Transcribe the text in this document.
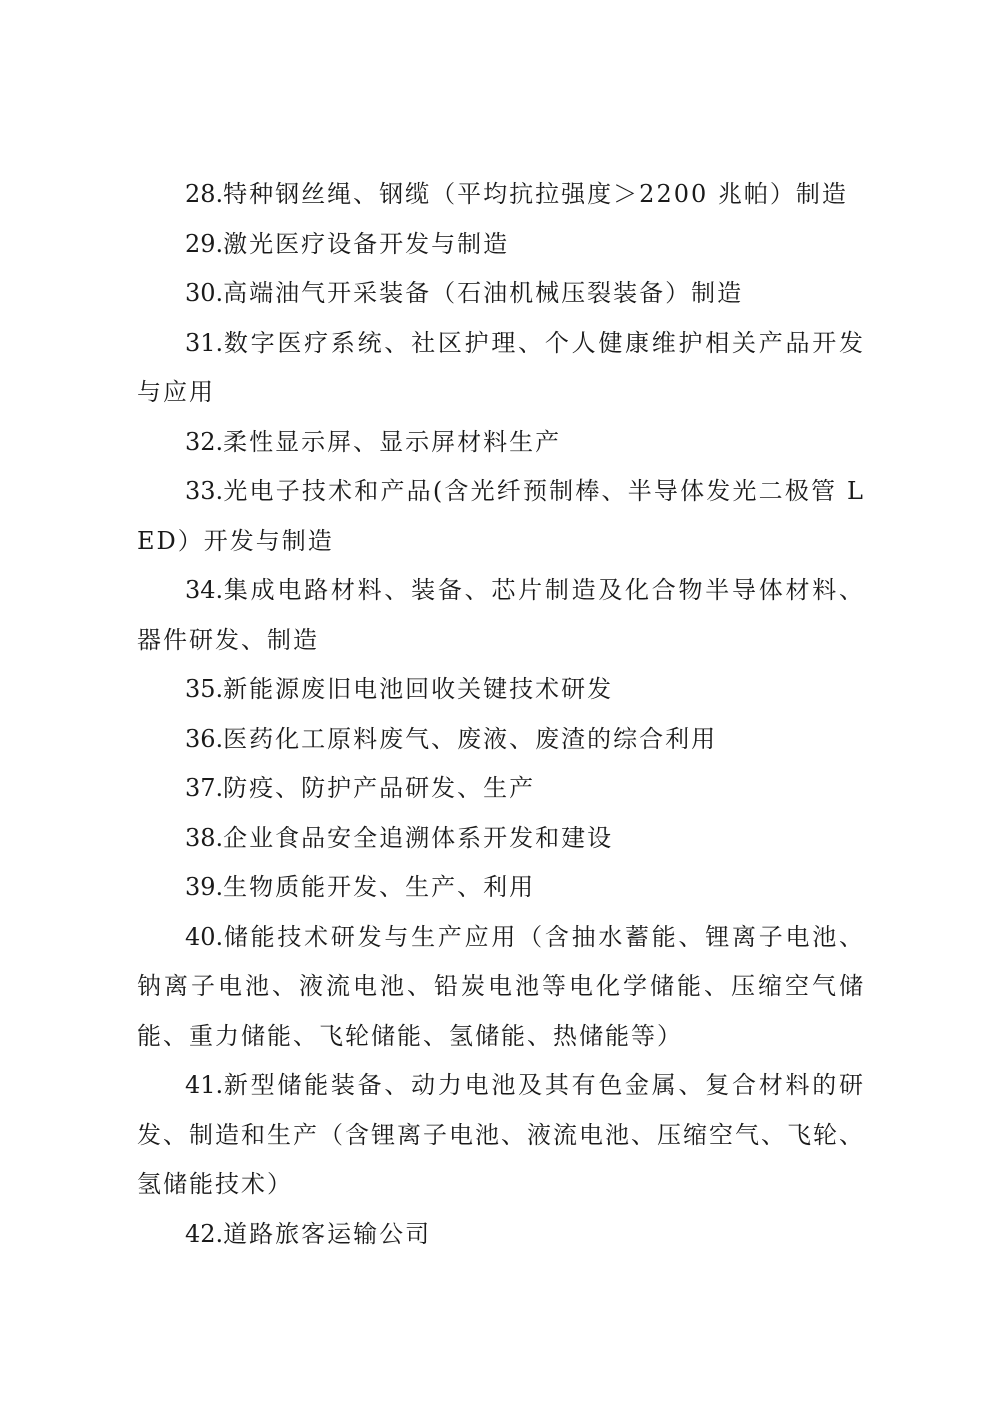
28.特种钢丝绳、钢缆（平均抗拉强度＞2200 兆帕）制造

29.激光医疗设备开发与制造

30.高端油气开采装备（石油机械压裂装备）制造

31.数字医疗系统、社区护理、个人健康维护相关产品开发与应用

32.柔性显示屏、显示屏材料生产

33.光电子技术和产品(含光纤预制棒、半导体发光二极管 LED）开发与制造

34.集成电路材料、装备、芯片制造及化合物半导体材料、器件研发、制造

35.新能源废旧电池回收关键技术研发

36.医药化工原料废气、废液、废渣的综合利用

37.防疫、防护产品研发、生产

38.企业食品安全追溯体系开发和建设

39.生物质能开发、生产、利用

40.储能技术研发与生产应用（含抽水蓄能、锂离子电池、钠离子电池、液流电池、铅炭电池等电化学储能、压缩空气储能、重力储能、飞轮储能、氢储能、热储能等）

41.新型储能装备、动力电池及其有色金属、复合材料的研发、制造和生产（含锂离子电池、液流电池、压缩空气、飞轮、氢储能技术）

42.道路旅客运输公司
